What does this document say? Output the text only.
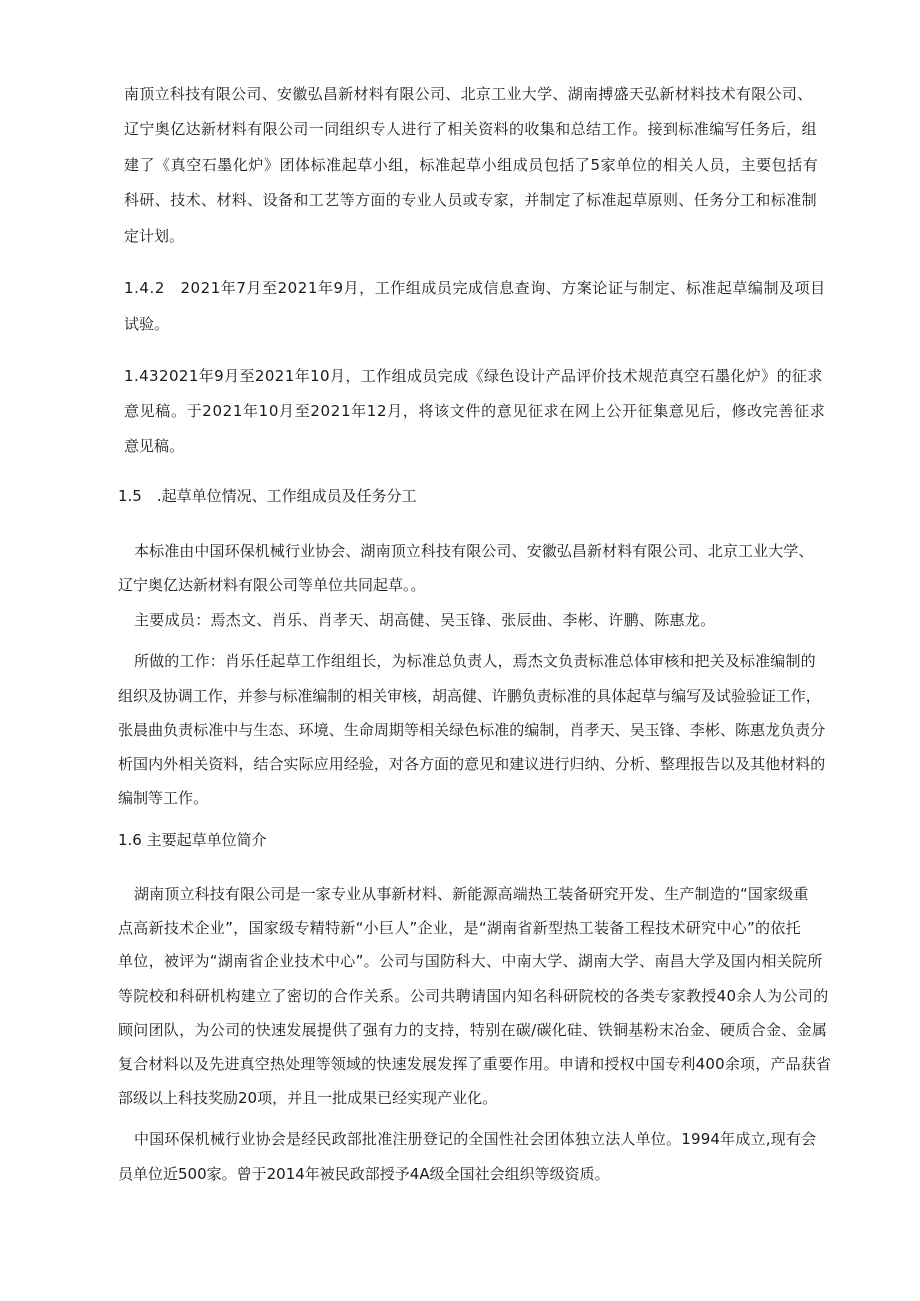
南顶立科技有限公司、安徽弘昌新材料有限公司、北京工业大学、湖南搏盛天弘新材料技术有限公司、

辽宁奥亿达新材料有限公司一同组织专人进行了相关资料的收集和总结工作。接到标准编写任务后，组

建了《真空石墨化炉》团体标准起草小组，标准起草小组成员包括了5家单位的相关人员，主要包括有

科研、技术、材料、设备和工艺等方面的专业人员或专家，并制定了标准起草原则、任务分工和标准制

定计划。

1.4.2　2021年7月至2021年9月，工作组成员完成信息查询、方案论证与制定、标准起草编制及项目

试验。

1.432021年9月至2021年10月，工作组成员完成《绿色设计产品评价技术规范真空石墨化炉》的征求

意见稿。于2021年10月至2021年12月，将该文件的意见征求在网上公开征集意见后，修改完善征求

意见稿。

1.5　.起草单位情况、工作组成员及任务分工

本标准由中国环保机械行业协会、湖南顶立科技有限公司、安徽弘昌新材料有限公司、北京工业大学、

辽宁奥亿达新材料有限公司等单位共同起草。。

主要成员：焉杰文、肖乐、肖孝天、胡高健、吴玉锋、张辰曲、李彬、许鹏、陈惠龙。

所做的工作：肖乐任起草工作组组长，为标准总负责人，焉杰文负责标准总体审核和把关及标准编制的

组织及协调工作，并参与标准编制的相关审核，胡高健、许鹏负责标准的具体起草与编写及试验验证工作，

张晨曲负责标准中与生态、环境、生命周期等相关绿色标准的编制，肖孝天、吴玉锋、李彬、陈惠龙负责分

析国内外相关资料，结合实际应用经验，对各方面的意见和建议进行归纳、分析、整理报告以及其他材料的

编制等工作。

1.6 主要起草单位简介

湖南顶立科技有限公司是一家专业从事新材料、新能源高端热工装备研究开发、生产制造的“国家级重

点高新技术企业”，国家级专精特新“小巨人”企业，是“湖南省新型热工装备工程技术研究中心”的依托

单位，被评为“湖南省企业技术中心”。公司与国防科大、中南大学、湖南大学、南昌大学及国内相关院所

等院校和科研机构建立了密切的合作关系。公司共聘请国内知名科研院校的各类专家教授40余人为公司的

顾问团队，为公司的快速发展提供了强有力的支持，特别在碳/碳化硅、铁铜基粉末冶金、硬质合金、金属

复合材料以及先进真空热处理等领域的快速发展发挥了重要作用。申请和授权中国专利400余项，产品获省

部级以上科技奖励20项，并且一批成果已经实现产业化。

中国环保机械行业协会是经民政部批准注册登记的全国性社会团体独立法人单位。1994年成立,现有会

员单位近500家。曾于2014年被民政部授予4A级全国社会组织等级资质。
